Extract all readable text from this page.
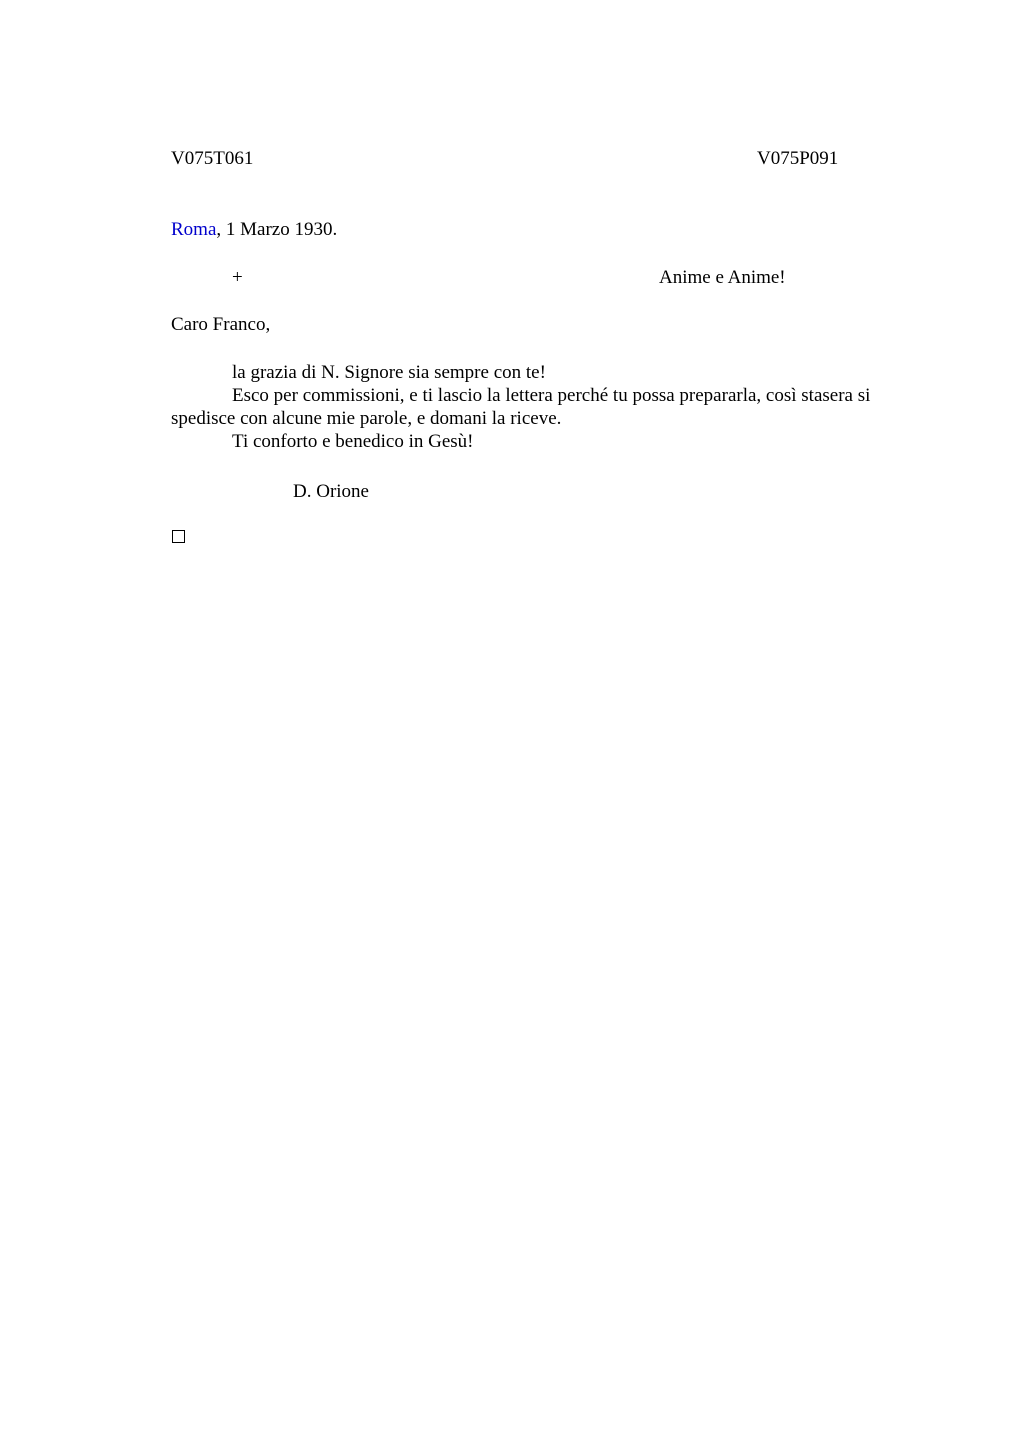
V075T061	V075P091
Roma, 1 Marzo 1930.
+	Anime e Anime!
Caro Franco,

la grazia di N. Signore sia sempre con te!

Esco per commissioni, e ti lascio la lettera perché tu possa prepararla, così stasera si spedisce con alcune mie parole, e domani la riceve.

Ti conforto e benedico in Gesù!

D. Orione
